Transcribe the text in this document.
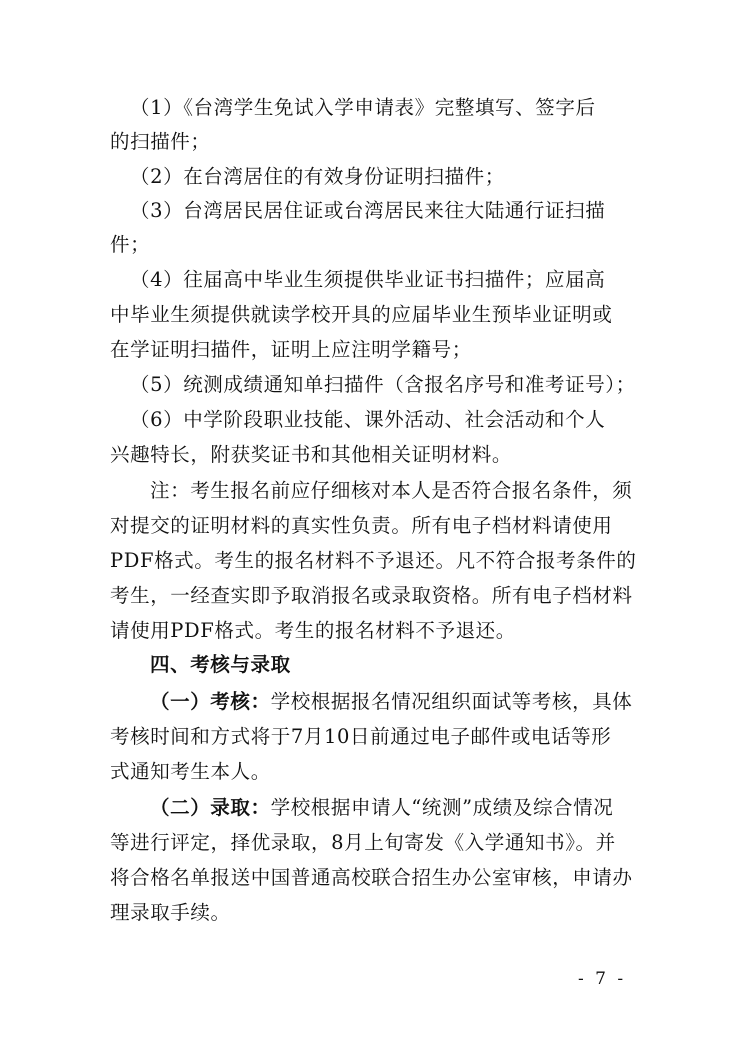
（1）《台湾学生免试入学申请表》完整填写、签字后
的扫描件；
（2）在台湾居住的有效身份证明扫描件；
（3）台湾居民居住证或台湾居民来往大陆通行证扫描
件；
（4）往届高中毕业生须提供毕业证书扫描件；应届高
中毕业生须提供就读学校开具的应届毕业生预毕业证明或
在学证明扫描件，证明上应注明学籍号；
（5）统测成绩通知单扫描件（含报名序号和准考证号）；
（6）中学阶段职业技能、课外活动、社会活动和个人
兴趣特长，附获奖证书和其他相关证明材料。
注：考生报名前应仔细核对本人是否符合报名条件，须
对提交的证明材料的真实性负责。所有电子档材料请使用
PDF格式。考生的报名材料不予退还。凡不符合报考条件的
考生，一经查实即予取消报名或录取资格。所有电子档材料
请使用PDF格式。考生的报名材料不予退还。
四、考核与录取
（一）考核：学校根据报名情况组织面试等考核，具体
考核时间和方式将于7月10日前通过电子邮件或电话等形
式通知考生本人。
（二）录取：学校根据申请人“统测”成绩及综合情况
等进行评定，择优录取，8月上旬寄发《入学通知书》。并
将合格名单报送中国普通高校联合招生办公室审核，申请办
理录取手续。
- 7 -
